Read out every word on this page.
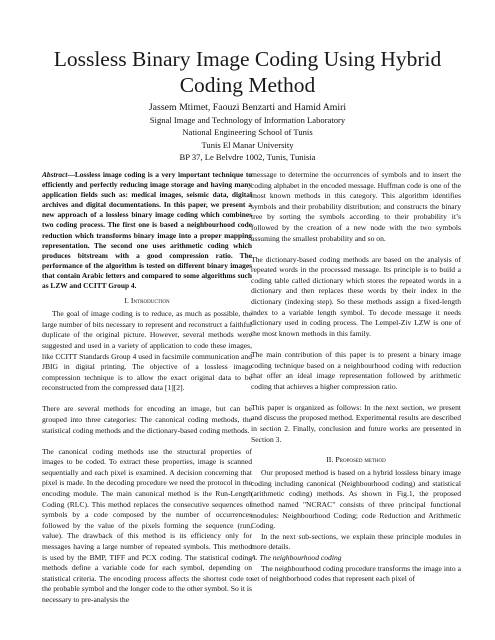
Lossless Binary Image Coding Using Hybrid
Coding Method
Jassem Mtimet, Faouzi Benzarti and Hamid Amiri
Signal Image and Technology of Information Laboratory
National Engineering School of Tunis
Tunis El Manar University
BP 37, Le Belvdre 1002, Tunis, Tunisia

Abstract—Lossless image coding is a very important technique to efficiently and perfectly reducing image storage and having many application fields such as: medical images, seismic data, digital archives and digital documentations. In this paper, we present a new approach of a lossless binary image coding which combines two coding process. The first one is based a neighbourhood code reduction which transforms binary image into a proper mapping representation. The second one uses arithmetic coding which produces bitstream with a good compression ratio. The performance of the algorithm is tested on different binary images that contain Arabic letters and compared to some algorithms such as LZW and CCITT Group 4.

I. Introduction

The goal of image coding is to reduce, as much as possible, the large number of bits necessary to represent and reconstruct a faithful duplicate of the original picture. However, several methods were suggested and used in a variety of application to code these images, like CCITT Standards Group 4 used in facsimile communication and JBIG in digital printing. The objective of a lossless image compression technique is to allow the exact original data to be reconstructed from the compressed data [1][2].

There are several methods for encoding an image, but can be grouped into three categories: The canonical coding methods, the statistical coding methods and the dictionary-based coding methods.

The canonical coding methods use the structural properties of images to be coded. To extract these properties, image is scanned sequentially and each pixel is examined. A decision concerning that pixel is made. In the decoding procedure we need the protocol in the encoding module. The main canonical method is the Run-Length Coding (RLC). This method replaces the consecutive sequences of symbols by a code composed by the number of occurrences followed by the value of the pixels forming the sequence (run, value). The drawback of this method is its efficiency only for messages having a large number of repeated symbols. This method is used by the BMP, TIFF and PCX coding. The statistical coding methods define a variable code for each symbol, depending on statistical criteria. The encoding process affects the shortest code to the probable symbol and the longer code to the other symbol. So it is necessary to pre-analysis the

message to determine the occurrences of symbols and to insert the coding alphabet in the encoded message. Huffman code is one of the most known methods in this category. This algorithm identifies symbols and their probability distribution; and constructs the binary tree by sorting the symbols according to their probability it’s followed by the creation of a new node with the two symbols assuming the smallest probability and so on.

The dictionary-based coding methods are based on the analysis of repeated words in the processed message. Its principle is to build a coding table called dictionary which stores the repeated words in a dictionary and then replaces these words by their index in the dictionary (indexing step). So these methods assign a fixed-length index to a variable length symbol. To decode message it needs dictionary used in coding process. The Lempel-Ziv LZW is one of the most known methods in this family.

The main contribution of this paper is to present a binary image coding technique based on a neighbourhood coding with reduction that offer an ideal image representation followed by arithmetic coding that achieves a higher compression ratio.

This paper is organized as follows: In the next section, we present and discuss the proposed method. Experimental results are described in section 2. Finally, conclusion and future works are presented in Section 3.

II. Proposed method

Our proposed method is based on a hybrid lossless binary image coding including canonical (Neighbourhood coding) and statistical (arithmetic coding) methods. As shown in Fig.1, the proposed method named "NCRAC" consists of three principal functional modules: Neighbourhood Coding; code Reduction and Arithmetic Coding.

In the next sub-sections, we explain these principle modules in more details.

A. The neighbourhood coding

The neighbourhood coding procedure transforms the image into a set of neighborhood codes that represent each pixel of
